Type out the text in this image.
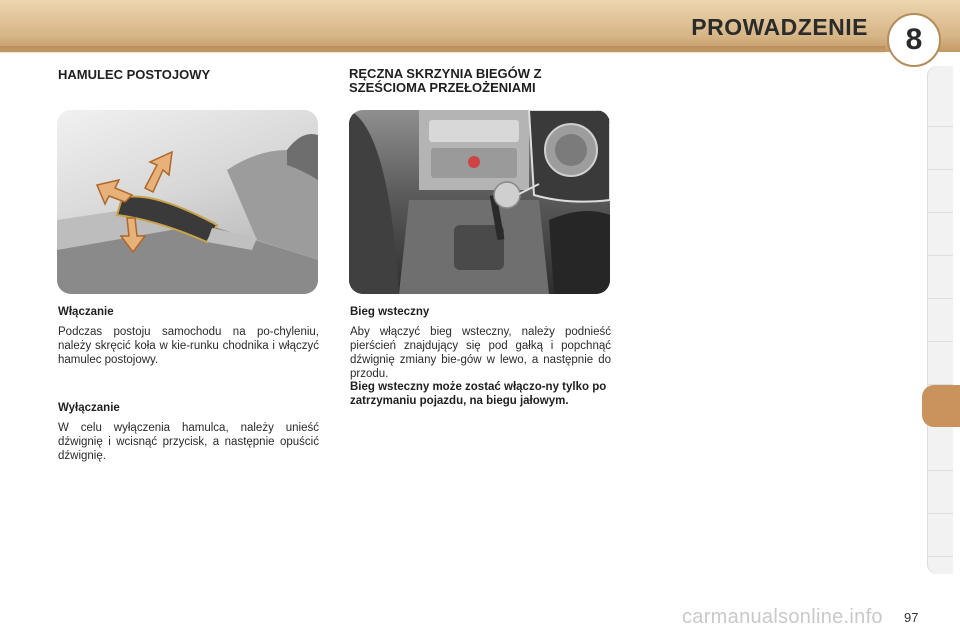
PROWADZENIE	8
HAMULEC POSTOJOWY
Włączanie
Podczas postoju samochodu na po-chyleniu, należy skręcić koła w kie-runku chodnika i włączyć hamulec postojowy.
Wyłączanie
W celu wyłączenia hamulca, należy unieść dźwignię i wcisnąć przycisk, a następnie opuścić dźwignię.
RĘCZNA SKRZYNIA BIEGÓW Z
SZEŚCIOMA PRZEŁOŻENIAMI
Bieg wsteczny
Aby włączyć bieg wsteczny, należy podnieść pierścień znajdujący się pod gałką i popchnąć dźwignię zmiany bie-gów w lewo, a następnie do przodu.
Bieg wsteczny może zostać włączo-ny tylko po zatrzymaniu pojazdu, na biegu jałowym.
97
carmanualsonline.info
